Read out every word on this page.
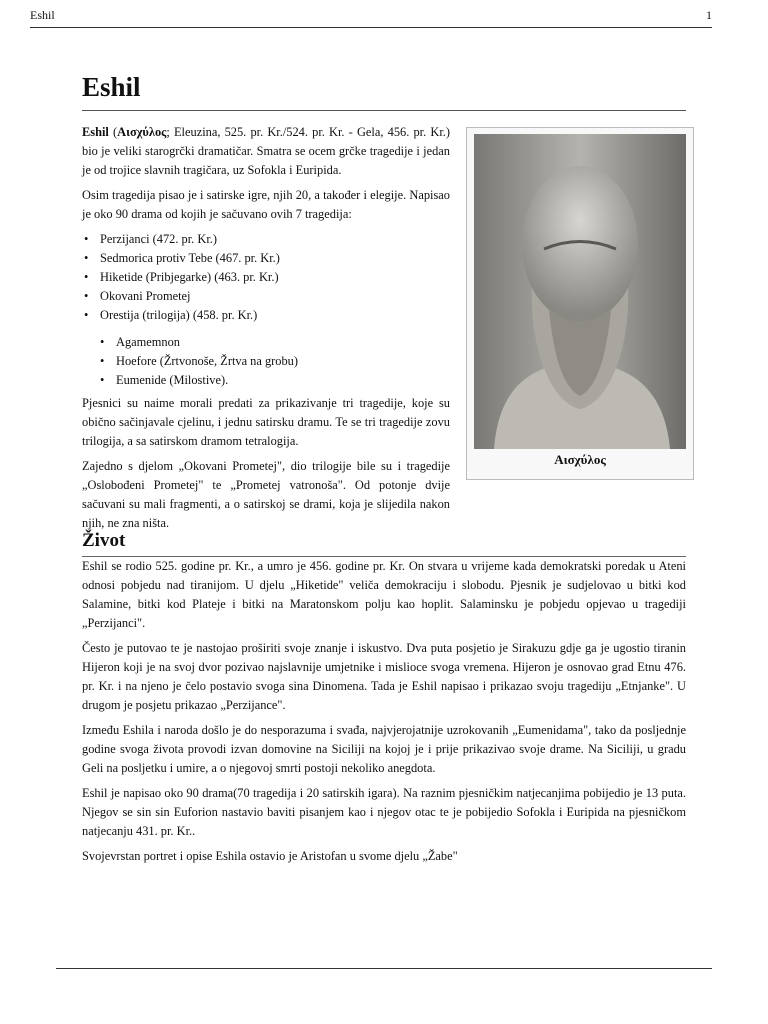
Eshil	1
Eshil

Eshil (Αισχύλος; Eleuzina, 525. pr. Kr./524. pr. Kr. - Gela, 456. pr. Kr.) bio je veliki starogrčki dramatičar. Smatra se ocem grčke tragedije i jedan je od trojice slavnih tragičara, uz Sofokla i Euripida.

Osim tragedija pisao je i satirske igre, njih 20, a također i elegije. Napisao je oko 90 drama od kojih je sačuvano ovih 7 tragedija:

• Perzijanci (472. pr. Kr.)
• Sedmorica protiv Tebe (467. pr. Kr.)
• Hiketide (Pribjegarke) (463. pr. Kr.)
• Okovani Prometej
• Orestija (trilogija) (458. pr. Kr.)
• Agamemnon
• Hoefore (Žrtvonoše, Žrtva na grobu)
• Eumenide (Milostive).

Pjesnici su naime morali predati za prikazivanje tri tragedije, koje su obično sačinjavale cjelinu, i jednu satirsku dramu. Te se tri tragedije zovu trilogija, a sa satirskom dramom tetralogija.

Zajedno s djelom „Okovani Prometej", dio trilogije bile su i tragedije „Oslobođeni Prometej" te „Prometej vatronoša". Od potonje dvije sačuvani su mali fragmenti, a o satirskoj se drami, koja je slijedila nakon njih, ne zna ništa.

Αισχύλος
Život

Eshil se rodio 525. godine pr. Kr., a umro je 456. godine pr. Kr. On stvara u vrijeme kada demokratski poredak u Ateni odnosi pobjedu nad tiranijom. U djelu „Hiketide" veliča demokraciju i slobodu. Pjesnik je sudjelovao u bitki kod Salamine, bitki kod Plateje i bitki na Maratonskom polju kao hoplit. Salaminsku je pobjedu opjevao u tragediji „Perzijanci".

Često je putovao te je nastojao proširiti svoje znanje i iskustvo. Dva puta posjetio je Sirakuzu gdje ga je ugostio tiranin Hijeron koji je na svoj dvor pozivao najslavnije umjetnike i mislioce svoga vremena. Hijeron je osnovao grad Etnu 476. pr. Kr. i na njeno je čelo postavio svoga sina Dinomena. Tada je Eshil napisao i prikazao svoju tragediju „Etnjanke". U drugom je posjetu prikazao „Perzijance".

Između Eshila i naroda došlo je do nesporazuma i svađa, najvjerojatnije uzrokovanih „Eumenidama", tako da posljednje godine svoga života provodi izvan domovine na Siciliji na kojoj je i prije prikazivao svoje drame. Na Siciliji, u gradu Geli na posljetku i umire, a o njegovoj smrti postoji nekoliko anegdota.

Eshil je napisao oko 90 drama(70 tragedija i 20 satirskih igara). Na raznim pjesničkim natjecanjima pobijedio je 13 puta. Njegov se sin sin Euforion nastavio baviti pisanjem kao i njegov otac te je pobijedio Sofokla i Euripida na pjesničkom natjecanju 431. pr. Kr..

Svojevrstan portret i opise Eshila ostavio je Aristofan u svome djelu „Žabe"
